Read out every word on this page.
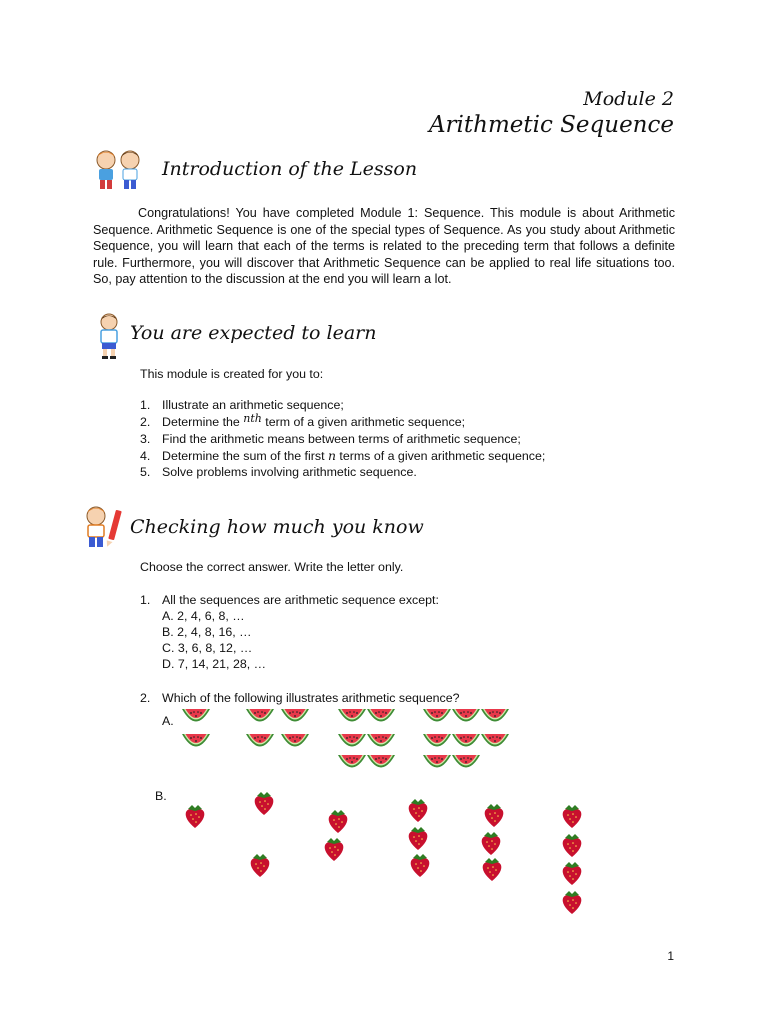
Module 2
Arithmetic Sequence
Introduction of the Lesson
Congratulations! You have completed Module 1: Sequence. This module is about Arithmetic Sequence. Arithmetic Sequence is one of the special types of Sequence. As you study about Arithmetic Sequence, you will learn that each of the terms is related to the preceding term that follows a definite rule. Furthermore, you will discover that Arithmetic Sequence can be applied to real life situations too. So, pay attention to the discussion at the end you will learn a lot.
You are expected to learn
This module is created for you to:
1. Illustrate an arithmetic sequence;
2. Determine the nth term of a given arithmetic sequence;
3. Find the arithmetic means between terms of arithmetic sequence;
4. Determine the sum of the first n terms of a given arithmetic sequence;
5. Solve problems involving arithmetic sequence.
Checking how much you know
Choose the correct answer. Write the letter only.
1. All the sequences are arithmetic sequence except:
A. 2, 4, 6, 8, …
B. 2, 4, 8, 16, …
C. 3, 6, 8, 12, …
D. 7, 14, 21, 28, …
2. Which of the following illustrates arithmetic sequence?
A.
B.
1
